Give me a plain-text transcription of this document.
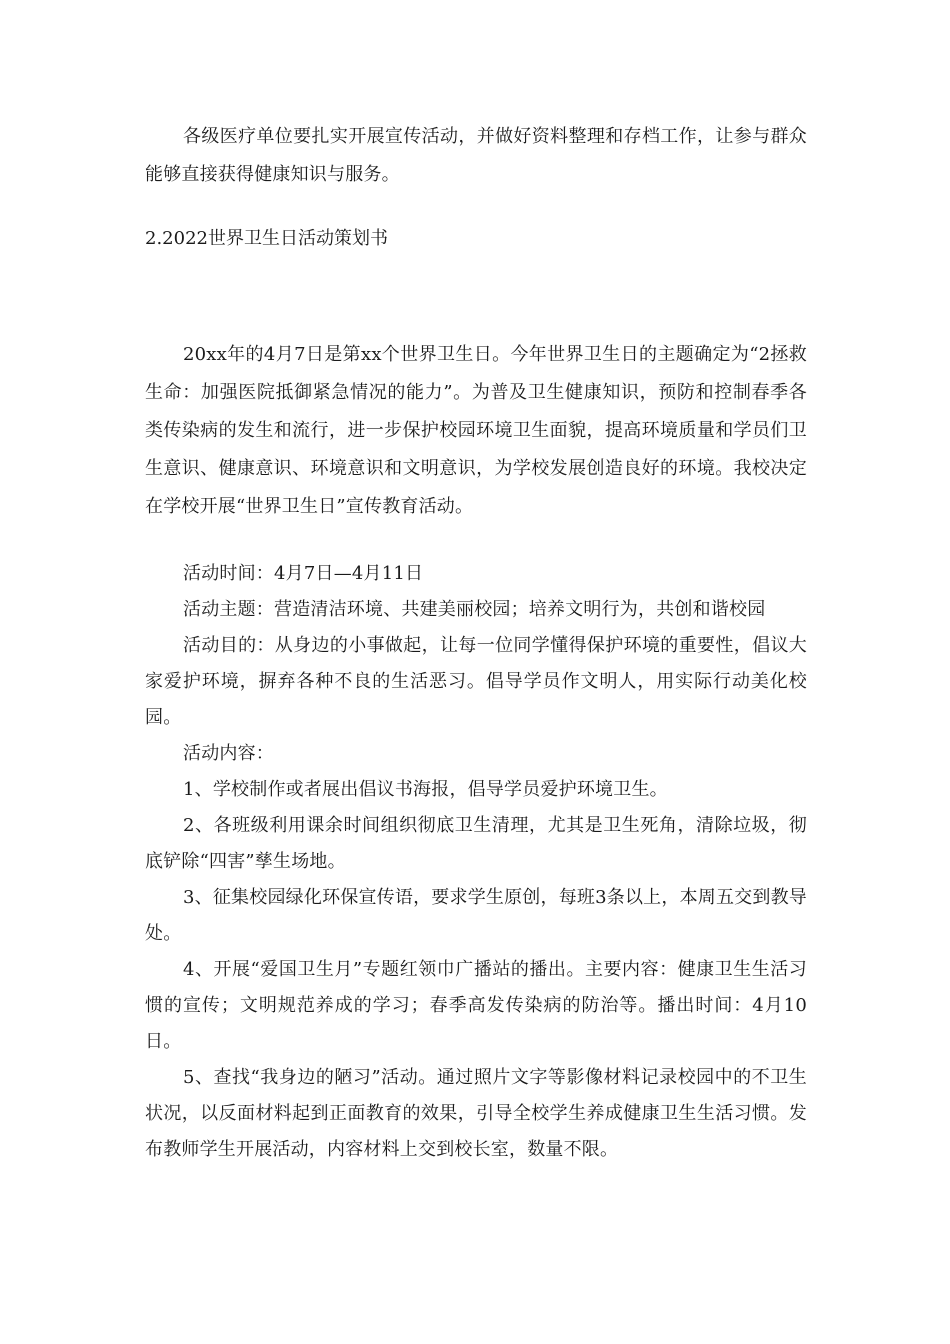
各级医疗单位要扎实开展宣传活动，并做好资料整理和存档工作，让参与群众能够直接获得健康知识与服务。

2.2022世界卫生日活动策划书

20xx年的4月7日是第xx个世界卫生日。今年世界卫生日的主题确定为“2拯救生命：加强医院抵御紧急情况的能力”。为普及卫生健康知识，预防和控制春季各类传染病的发生和流行，进一步保护校园环境卫生面貌，提高环境质量和学员们卫生意识、健康意识、环境意识和文明意识，为学校发展创造良好的环境。我校决定在学校开展“世界卫生日”宣传教育活动。

活动时间：4月7日—4月11日

活动主题：营造清洁环境、共建美丽校园；培养文明行为，共创和谐校园

活动目的：从身边的小事做起，让每一位同学懂得保护环境的重要性，倡议大家爱护环境，摒弃各种不良的生活恶习。倡导学员作文明人，用实际行动美化校园。

活动内容：

1、学校制作或者展出倡议书海报，倡导学员爱护环境卫生。

2、各班级利用课余时间组织彻底卫生清理，尤其是卫生死角，清除垃圾，彻底铲除“四害”孳生场地。

3、征集校园绿化环保宣传语，要求学生原创，每班3条以上，本周五交到教导处。

4、开展“爱国卫生月”专题红领巾广播站的播出。主要内容：健康卫生生活习惯的宣传；文明规范养成的学习；春季高发传染病的防治等。播出时间：4月10日。

5、查找“我身边的陋习”活动。通过照片文字等影像材料记录校园中的不卫生状况，以反面材料起到正面教育的效果，引导全校学生养成健康卫生生活习惯。发布教师学生开展活动，内容材料上交到校长室，数量不限。
